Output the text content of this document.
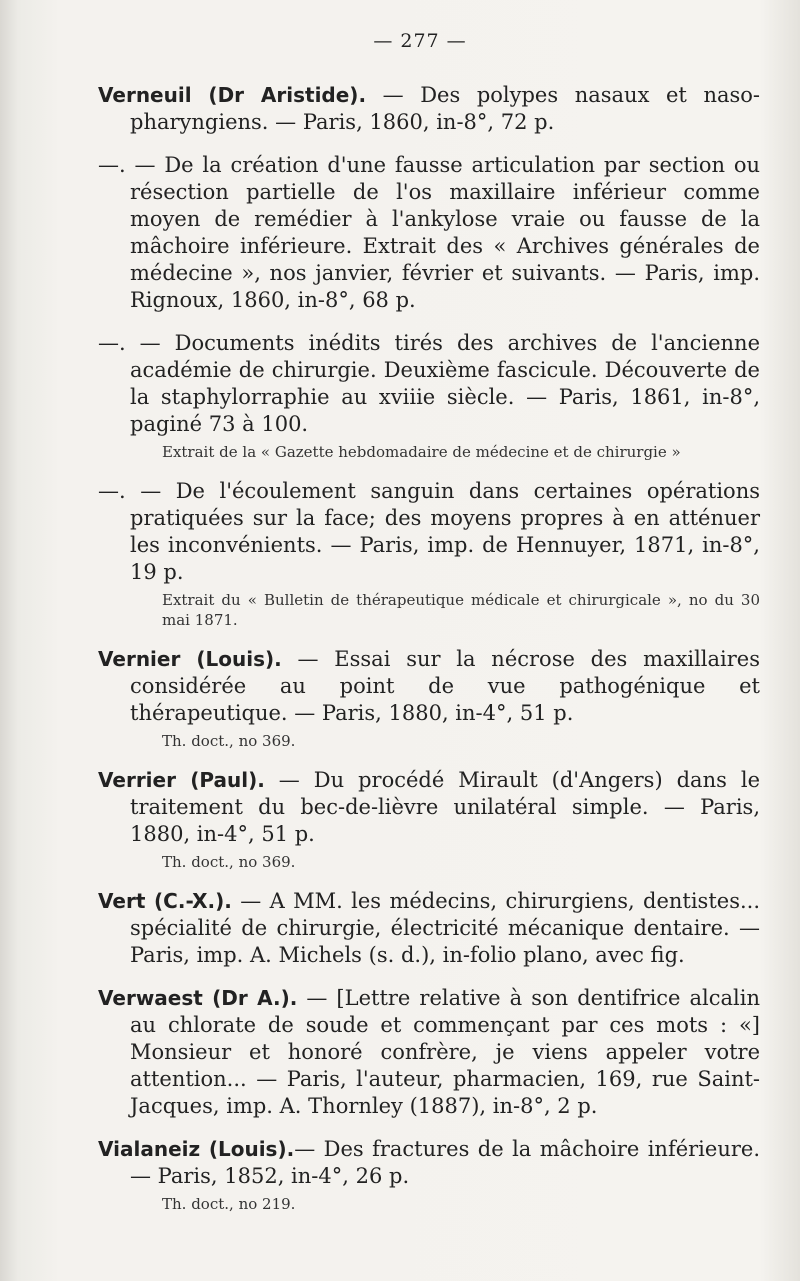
— 277 —
Verneuil (Dr Aristide). — Des polypes nasaux et naso-pharyngiens. — Paris, 1860, in-8°, 72 p.
—. — De la création d'une fausse articulation par section ou résection partielle de l'os maxillaire inférieur comme moyen de remédier à l'ankylose vraie ou fausse de la mâchoire inférieure. Extrait des « Archives générales de médecine », nos janvier, février et suivants. — Paris, imp. Rignoux, 1860, in-8°, 68 p.
—. — Documents inédits tirés des archives de l'ancienne académie de chirurgie. Deuxième fascicule. Découverte de la staphylorraphie au xviiie siècle. — Paris, 1861, in-8°, paginé 73 à 100.
Extrait de la « Gazette hebdomadaire de médecine et de chirurgie »
—. — De l'écoulement sanguin dans certaines opérations pratiquées sur la face; des moyens propres à en atténuer les inconvénients. — Paris, imp. de Hennuyer, 1871, in-8°, 19 p.
Extrait du « Bulletin de thérapeutique médicale et chirurgicale », no du 30 mai 1871.
Vernier (Louis). — Essai sur la nécrose des maxillaires considérée au point de vue pathogénique et thérapeutique. — Paris, 1880, in-4°, 51 p.
Th. doct., no 369.
Verrier (Paul). — Du procédé Mirault (d'Angers) dans le traitement du bec-de-lièvre unilatéral simple. — Paris, 1880, in-4°, 51 p.
Th. doct., no 369.
Vert (C.-X.). — A MM. les médecins, chirurgiens, dentistes... spécialité de chirurgie, électricité mécanique dentaire. — Paris, imp. A. Michels (s. d.), in-folio plano, avec fig.
Verwaest (Dr A.). — [Lettre relative à son dentifrice alcalin au chlorate de soude et commençant par ces mots : «] Monsieur et honoré confrère, je viens appeler votre attention... — Paris, l'auteur, pharmacien, 169, rue Saint-Jacques, imp. A. Thornley (1887), in-8°, 2 p.
Vialaneiz (Louis).— Des fractures de la mâchoire inférieure. — Paris, 1852, in-4°, 26 p.
Th. doct., no 219.
